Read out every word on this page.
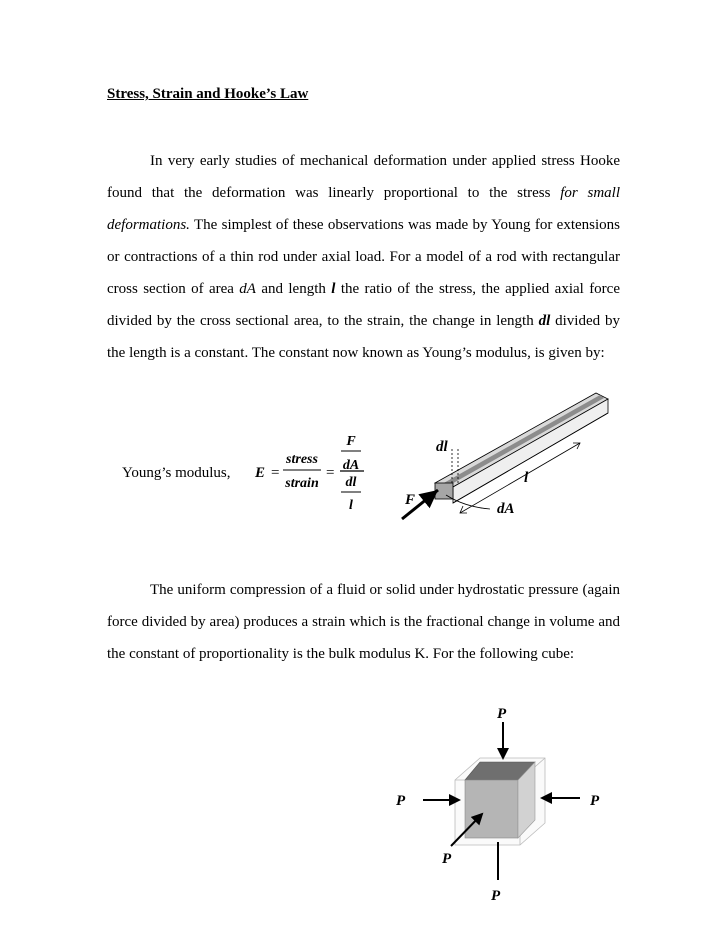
Stress, Strain and Hooke’s Law

In very early studies of mechanical deformation under applied stress Hooke found that the deformation was linearly proportional to the stress for small deformations. The simplest of these observations was made by Young for extensions or contractions of a thin rod under axial load. For a model of a rod with rectangular cross section of area dA and length l the ratio of the stress, the applied axial force divided by the cross sectional area, to the strain, the change in length dl divided by the length is a constant. The constant now known as Young’s modulus, is given by:

Young’s modulus, E =
stress
strain
=
F
dA
dl
l
dl
l
F
dA

The uniform compression of a fluid or solid under hydrostatic pressure (again force divided by area) produces a strain which is the fractional change in volume and the constant of proportionality is the bulk modulus K. For the following cube:

P
P	P
P
P
